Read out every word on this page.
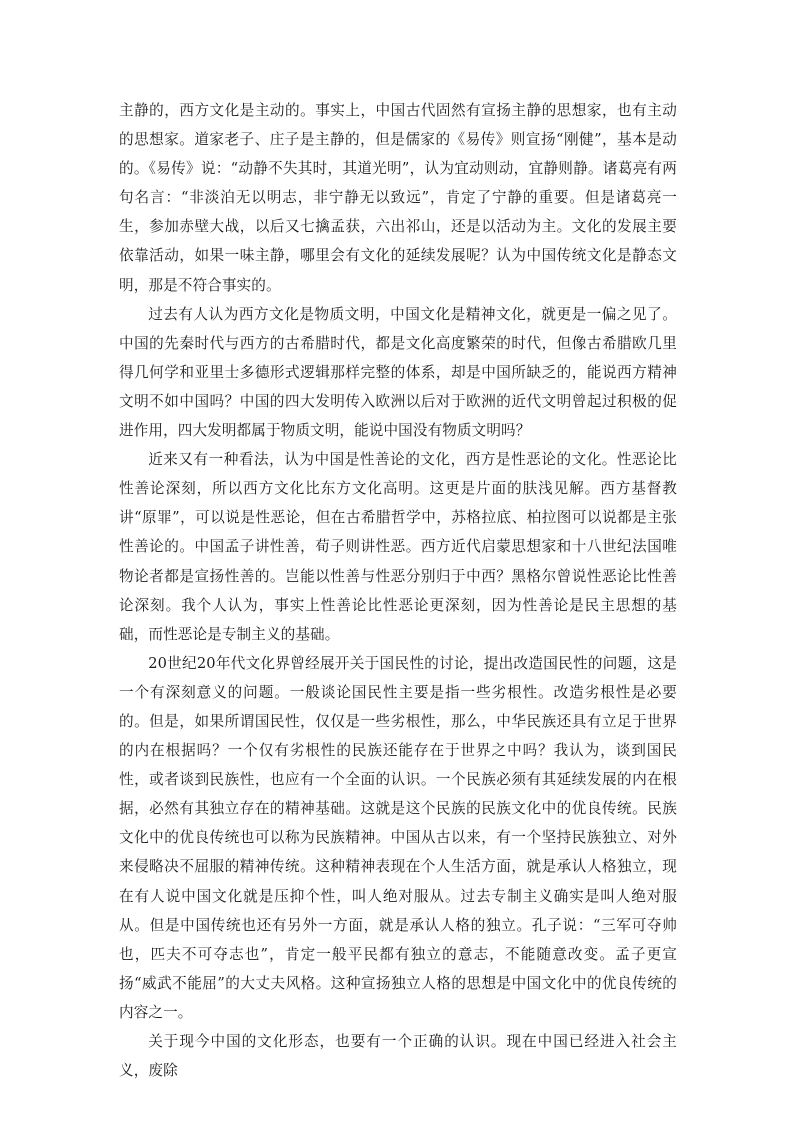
主静的，西方文化是主动的。事实上，中国古代固然有宣扬主静的思想家，也有主动的思想家。道家老子、庄子是主静的，但是儒家的《易传》则宣扬“刚健”，基本是动的。《易传》说：“动静不失其时，其道光明”，认为宜动则动，宜静则静。诸葛亮有两句名言：“非淡泊无以明志，非宁静无以致远”，肯定了宁静的重要。但是诸葛亮一生，参加赤壁大战，以后又七擒孟获，六出祁山，还是以活动为主。文化的发展主要依靠活动，如果一味主静，哪里会有文化的延续发展呢？认为中国传统文化是静态文明，那是不符合事实的。

过去有人认为西方文化是物质文明，中国文化是精神文化，就更是一偏之见了。中国的先秦时代与西方的古希腊时代，都是文化高度繁荣的时代，但像古希腊欧几里得几何学和亚里士多德形式逻辑那样完整的体系，却是中国所缺乏的，能说西方精神文明不如中国吗？中国的四大发明传入欧洲以后对于欧洲的近代文明曾起过积极的促进作用，四大发明都属于物质文明，能说中国没有物质文明吗？

近来又有一种看法，认为中国是性善论的文化，西方是性恶论的文化。性恶论比性善论深刻，所以西方文化比东方文化高明。这更是片面的肤浅见解。西方基督教讲“原罪”，可以说是性恶论，但在古希腊哲学中，苏格拉底、柏拉图可以说都是主张性善论的。中国孟子讲性善，荀子则讲性恶。西方近代启蒙思想家和十八世纪法国唯物论者都是宣扬性善的。岂能以性善与性恶分别归于中西？黑格尔曾说性恶论比性善论深刻。我个人认为，事实上性善论比性恶论更深刻，因为性善论是民主思想的基础，而性恶论是专制主义的基础。

20世纪20年代文化界曾经展开关于国民性的讨论，提出改造国民性的问题，这是一个有深刻意义的问题。一般谈论国民性主要是指一些劣根性。改造劣根性是必要的。但是，如果所谓国民性，仅仅是一些劣根性，那么，中华民族还具有立足于世界的内在根据吗？一个仅有劣根性的民族还能存在于世界之中吗？我认为，谈到国民性，或者谈到民族性，也应有一个全面的认识。一个民族必须有其延续发展的内在根据，必然有其独立存在的精神基础。这就是这个民族的民族文化中的优良传统。民族文化中的优良传统也可以称为民族精神。中国从古以来，有一个坚持民族独立、对外来侵略决不屈服的精神传统。这种精神表现在个人生活方面，就是承认人格独立，现在有人说中国文化就是压抑个性，叫人绝对服从。过去专制主义确实是叫人绝对服从。但是中国传统也还有另外一方面，就是承认人格的独立。孔子说：“三军可夺帅也，匹夫不可夺志也”，肯定一般平民都有独立的意志，不能随意改变。孟子更宣扬“威武不能屈”的大丈夫风格。这种宣扬独立人格的思想是中国文化中的优良传统的内容之一。

关于现今中国的文化形态，也要有一个正确的认识。现在中国已经进入社会主义，废除
